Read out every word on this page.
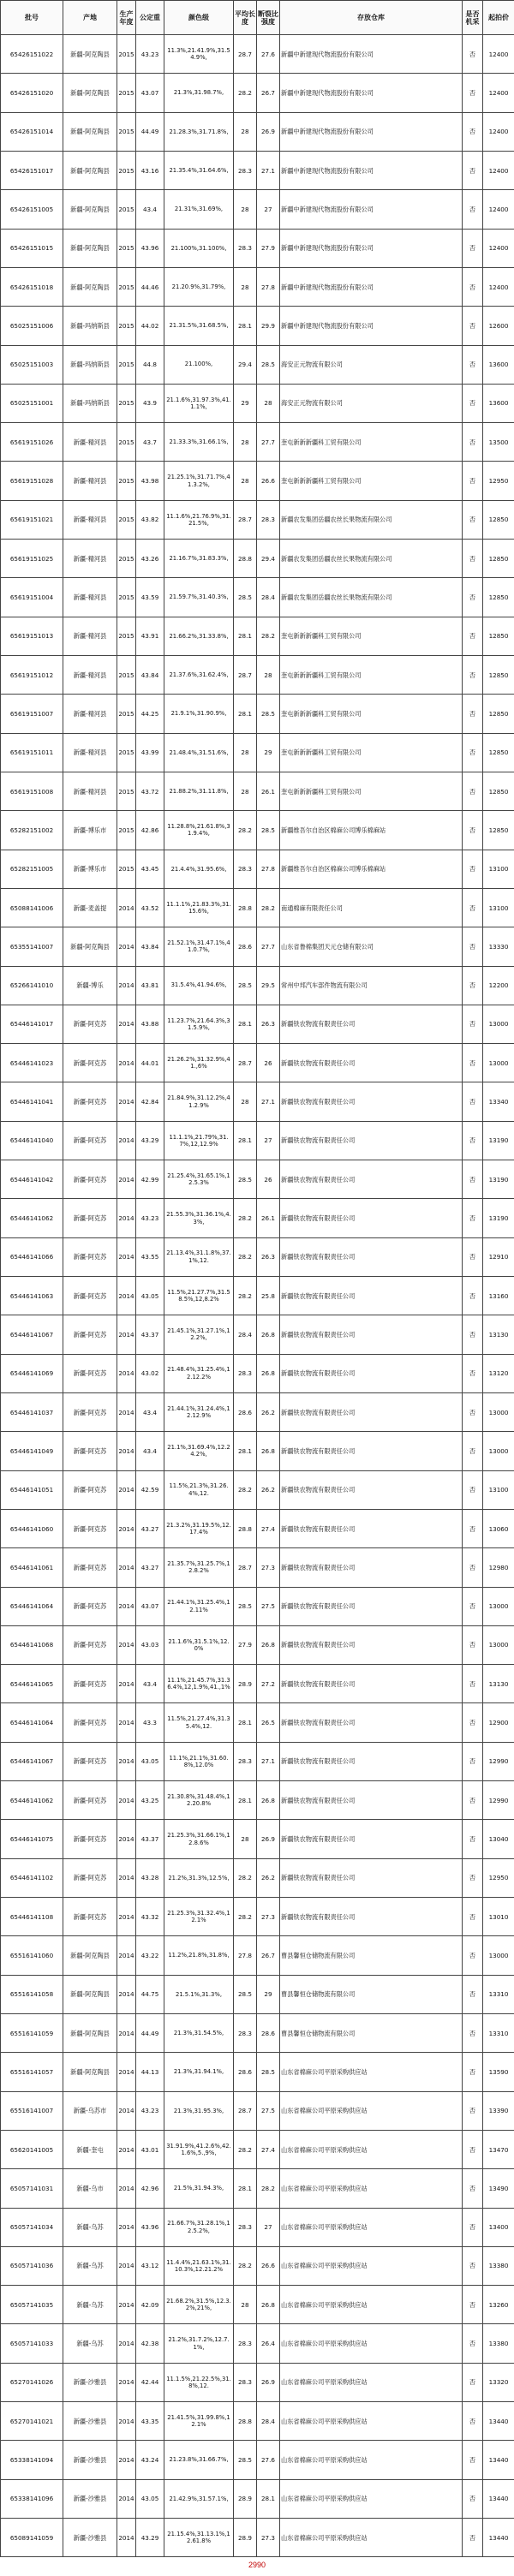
批号	产地	生产年度	公定重	颜色级	平均长度	断裂比强度	存放仓库	是否机采	起拍价
65426151022	新疆-阿克陶县	2015	43.23	11.3%,21.41.9%,31.54.9%,	28.7	27.6	新疆中新建现代物流股份有限公司	否	12400
65426151020	新疆-阿克陶县	2015	43.07	21.3%,31.98.7%,	28.2	26.7	新疆中新建现代物流股份有限公司	否	12400
65426151014	新疆-阿克陶县	2015	44.49	21.28.3%,31.71.8%,	28	26.9	新疆中新建现代物流股份有限公司	否	12400
65426151017	新疆-阿克陶县	2015	43.16	21.35.4%,31.64.6%,	28.3	27.1	新疆中新建现代物流股份有限公司	否	12400
65426151005	新疆-阿克陶县	2015	43.4	21.31%,31.69%,	28	27	新疆中新建现代物流股份有限公司	否	12400
65426151015	新疆-阿克陶县	2015	43.96	21.100%,31.100%,	28.3	27.9	新疆中新建现代物流股份有限公司	否	12400
65426151018	新疆-阿克陶县	2015	44.46	21.20.9%,31.79%,	28	27.8	新疆中新建现代物流股份有限公司	否	12400
65025151006	新疆-玛纳斯县	2015	44.02	21.31.5%,31.68.5%,	28.1	29.9	新疆中新建现代物流股份有限公司	否	12600
65025151003	新疆-玛纳斯县	2015	44.8	21.100%,	29.4	28.5	海安正元物流有限公司	否	13600
65025151001	新疆-玛纳斯县	2015	43.9	21.1.6%,31.97.3%,41.1.1%,	29	28	海安正元物流有限公司	否	13600
65619151026	新疆-精河县	2015	43.7	21.33.3%,31.66.1%,	28	27.7	奎屯新新新疆科工贸有限公司	否	13500
65619151028	新疆-精河县	2015	43.98	21.25.1%,31.71.7%,41.3.2%,	28	26.6	奎屯新新新疆科工贸有限公司	否	12950
65619151021	新疆-精河县	2015	43.82	11.1.6%,21.76.9%,31.21.5%,	28.7	28.3	新疆农发集团岳疆农丝长果物流有限公司	否	12850
65619151025	新疆-精河县	2015	43.26	21.16.7%,31.83.3%,	28.8	29.4	新疆农发集团岳疆农丝长果物流有限公司	否	12850
65619151004	新疆-精河县	2015	43.59	21.59.7%,31.40.3%,	28.5	28.4	新疆农发集团岳疆农丝长果物流有限公司	否	12850
65619151013	新疆-精河县	2015	43.91	21.66.2%,31.33.8%,	28.1	28.2	奎屯新新新疆科工贸有限公司	否	12850
65619151012	新疆-精河县	2015	43.84	21.37.6%,31.62.4%,	28.7	28	奎屯新新新疆科工贸有限公司	否	12850
65619151007	新疆-精河县	2015	44.25	21.9.1%,31.90.9%,	28.1	28.5	奎屯新新新疆科工贸有限公司	否	12850
65619151011	新疆-精河县	2015	43.99	21.48.4%,31.51.6%,	28	29	奎屯新新新疆科工贸有限公司	否	12850
65619151008	新疆-精河县	2015	43.72	21.88.2%,31.11.8%,	28	26.1	奎屯新新新疆科工贸有限公司	否	12850
65282151002	新疆-博乐市	2015	42.86	11.28.8%,21.61.8%,31.9.4%,	28.2	28.5	新疆维吾尔自治区棉麻公司博乐棉麻站	否	12850
65282151005	新疆-博乐市	2015	43.45	21.4.4%,31.95.6%,	28.3	27.8	新疆维吾尔自治区棉麻公司博乐棉麻站	否	13100
65088141006	新疆-麦盖提	2014	43.52	11.1.1%,21.83.3%,31.15.6%,	28.8	28.2	南通棉麻有限责任公司	否	13100
65355141007	新疆-阿克陶县	2014	43.84	21.52.1%,31.47.1%,41.0.7%,	28.6	27.7	山东省鲁棉集团天元仓储有限公司	否	13330
65266141010	新疆-博乐	2014	43.81	31.5.4%,41.94.6%,	28.5	29.5	常州中邦汽车部件物流有限公司	否	12200
65446141017	新疆-阿克苏	2014	43.88	11.23.7%,21.64.3%,31.5.9%,	28.1	26.3	新疆铁农物流有限责任公司	否	13000
65446141023	新疆-阿克苏	2014	44.01	21.26.2%,31.32.9%,41.,6%	28.7	26	新疆铁农物流有限责任公司	否	13000
65446141041	新疆-阿克苏	2014	42.84	21.84.9%,31.12.2%,41.2.9%	28	27.1	新疆铁农物流有限责任公司	否	13340
65446141040	新疆-阿克苏	2014	43.29	11.1.1%,21.79%,31.7%,12,12.9%	28.1	27	新疆铁农物流有限责任公司	否	13190
65446141042	新疆-阿克苏	2014	42.99	21.25.4%,31.65.1%,12.5.3%	28.5	26	新疆铁农物流有限责任公司	否	13190
65446141062	新疆-阿克苏	2014	43.23	21.55.3%,31.36.1%,4.3%,	28.2	26.1	新疆铁农物流有限责任公司	否	13190
65446141066	新疆-阿克苏	2014	43.55	21.13.4%,31.1.8%,37.1%,12.	28.2	26.3	新疆铁农物流有限责任公司	否	12910
65446141063	新疆-阿克苏	2014	43.05	11.5%,21.27.7%,31.58.5%,12,8.2%	28.2	25.8	新疆铁农物流有限责任公司	否	13160
65446141067	新疆-阿克苏	2014	43.37	21.45.1%,31.27.1%,12.2%,	28.4	26.8	新疆铁农物流有限责任公司	否	13130
65446141069	新疆-阿克苏	2014	43.02	21.48.4%,31.25.4%,12.12.2%	28.3	26.8	新疆铁农物流有限责任公司	否	13120
65446141037	新疆-阿克苏	2014	43.4	21.44.1%,31.24.4%,12.12.9%	28.6	26.2	新疆铁农物流有限责任公司	否	13000
65446141049	新疆-阿克苏	2014	43.4	21.1%,31.69.4%,12.24.2%,	28.1	26.8	新疆铁农物流有限责任公司	否	13000
65446141051	新疆-阿克苏	2014	42.59	11.5%,21.3%,31.26.4%,12.	28.2	26.2	新疆铁农物流有限责任公司	否	13100
65446141060	新疆-阿克苏	2014	43.27	21.3.2%,31.19.5%,12.17.4%	28.8	27.4	新疆铁农物流有限责任公司	否	13060
65446141061	新疆-阿克苏	2014	43.27	21.35.7%,31.25.7%,12.8.2%	28.7	27.3	新疆铁农物流有限责任公司	否	12980
65446141064	新疆-阿克苏	2014	43.07	21.44.1%,31.25.4%,12.11%	28.5	27.5	新疆铁农物流有限责任公司	否	13000
65446141068	新疆-阿克苏	2014	43.03	21.1.6%,31.5.1%,12.0%	27.9	26.8	新疆铁农物流有限责任公司	否	13000
65446141065	新疆-阿克苏	2014	43.4	11.1%,21.45.7%,31.36.4%,12,1.9%,41.,1%	28.9	27.2	新疆铁农物流有限责任公司	否	13130
65446141064	新疆-阿克苏	2014	43.3	11.5%,21.27.4%,31.35.4%,12.	28.1	26.5	新疆铁农物流有限责任公司	否	12900
65446141067	新疆-阿克苏	2014	43.05	11.1%,21.1%,31.60.8%,12.0%	28.3	27.1	新疆铁农物流有限责任公司	否	12990
65446141062	新疆-阿克苏	2014	43.25	21.30.8%,31.48.4%,12.20.8%	28.1	26.8	新疆铁农物流有限责任公司	否	12990
65446141075	新疆-阿克苏	2014	43.37	21.25.3%,31.66.1%,12.8.6%	28	26.9	新疆铁农物流有限责任公司	否	13040
65446141102	新疆-阿克苏	2014	43.28	21.2%,31.3%,12.5%,	28.2	26.2	新疆铁农物流有限责任公司	否	12950
65446141108	新疆-阿克苏	2014	43.32	21.25.3%,31.32.4%,12.1%	28.2	27.3	新疆铁农物流有限责任公司	否	13010
65516141060	新疆-阿克陶县	2014	43.22	11.2%,21.8%,31.8%,	27.8	26.7	曹县馨恒仓储物流有限公司	否	13000
65516141058	新疆-阿克陶县	2014	44.75	21.5.1%,31.3%,	28.5	29	曹县馨恒仓储物流有限公司	否	13310
65516141059	新疆-阿克陶县	2014	44.49	21.3%,31.54.5%,	28.3	28.6	曹县馨恒仓储物流有限公司	否	13310
65516141057	新疆-阿克陶县	2014	44.13	21.3%,31.94.1%,	28.6	28.5	山东省棉麻公司平原采购供应站	否	13590
65516141007	新疆-乌苏市	2014	43.23	21.3%,31.95.3%,	28.7	27.5	山东省棉麻公司平原采购供应站	否	13390
65620141005	新疆-奎屯	2014	43.01	31.91.9%,41.2.6%,42.1.6%,5.,9%,	28.2	27.4	山东省棉麻公司平原采购供应站	否	13470
65057141031	新疆-乌市	2014	42.96	21.5%,31.94.3%,	28.1	28.2	山东省棉麻公司平原采购供应站	否	13490
65057141034	新疆-乌苏	2014	43.96	21.66.7%,31.28.1%,12.5.2%,	28.3	27	山东省棉麻公司平原采购供应站	否	13400
65057141036	新疆-乌苏	2014	43.12	11.4.4%,21.63.1%,31.10.3%,12.21.2%	28.2	26.6	山东省棉麻公司平原采购供应站	否	13380
65057141035	新疆-乌苏	2014	42.09	21.68.2%,31.5%,12.3.2%,21%,	28	26.8	山东省棉麻公司平原采购供应站	否	13260
65057141033	新疆-乌苏	2014	42.38	21.2%,31.7.2%,12.7.1%,	28.3	26.4	山东省棉麻公司平原采购供应站	否	13380
65270141026	新疆-沙雅县	2014	42.44	11.1.5%,21.22.5%,31.8%,12.	28.3	26.9	山东省棉麻公司平原采购供应站	否	13320
65270141021	新疆-沙雅县	2014	43.35	21.41.5%,31.99.8%,12.1%	28.8	28.4	山东省棉麻公司平原采购供应站	否	13440
65338141094	新疆-沙雅县	2014	43.24	21.23.8%,31.66.7%,	28.5	27.6	山东省棉麻公司平原采购供应站	否	13440
65338141096	新疆-沙雅县	2014	43.05	21.42.9%,31.57.1%,	28.9	28.1	山东省棉麻公司平原采购供应站	否	13440
65089141059	新疆-沙雅县	2014	43.29	21.15.4%,31.13.1%,12.61.8%	28.9	27.3	山东省棉麻公司平原采购供应站	否	13440
2990
